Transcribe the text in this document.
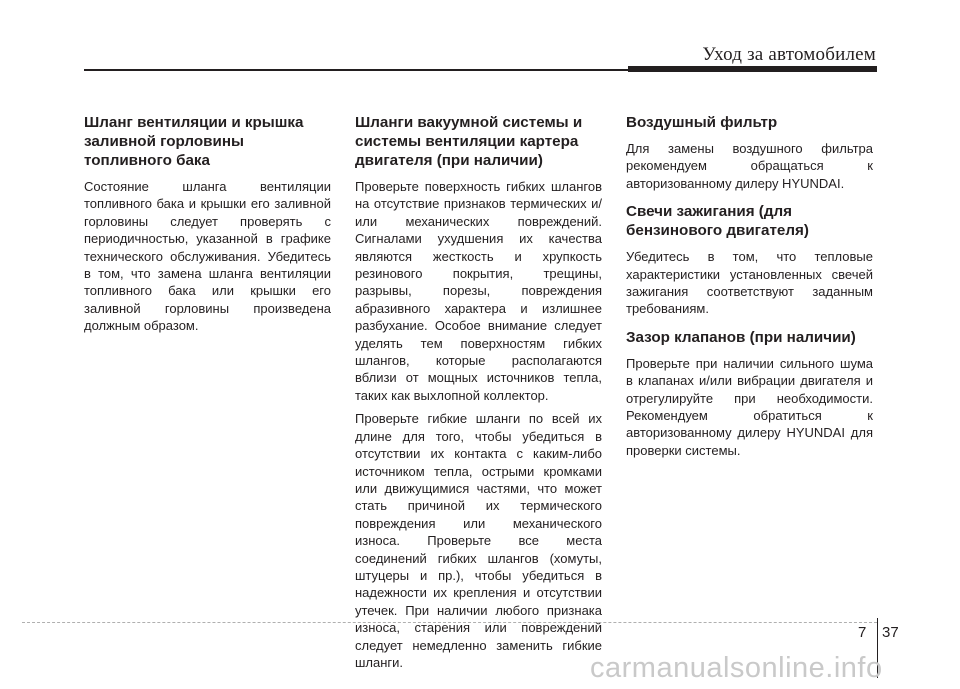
Уход за автомобилем
Шланг вентиляции и крышка заливной горловины топливного бака

Состояние шланга вентиляции топливного бака и крышки его заливной горловины следует проверять с периодичностью, указанной в графике технического обслуживания. Убедитесь в том, что замена шланга вентиляции топливного бака или крышки его заливной горловины произведена должным образом.

Шланги вакуумной системы и системы вентиляции картера двигателя (при наличии)

Проверьте поверхность гибких шлангов на отсутствие признаков термических и/или механических повреждений. Сигналами ухудшения их качества являются жесткость и хрупкость резинового покрытия, трещины, разрывы, порезы, повреждения абразивного характера и излишнее разбухание. Особое внимание следует уделять тем поверхностям гибких шлангов, которые располагаются вблизи от мощных источников тепла, таких как выхлопной коллектор.

Проверьте гибкие шланги по всей их длине для того, чтобы убедиться в отсутствии их контакта с каким-либо источником тепла, острыми кромками или движущимися частями, что может стать причиной их термического повреждения или механического износа. Проверьте все места соединений гибких шлангов (хомуты, штуцеры и пр.), чтобы убедиться в надежности их крепления и отсутствии утечек. При наличии любого признака износа, старения или повреждений следует немедленно заменить гибкие шланги.

Воздушный фильтр

Для замены воздушного фильтра рекомендуем обращаться к авторизованному дилеру HYUNDAI.

Свечи зажигания (для бензинового двигателя)

Убедитесь в том, что тепловые характеристики установленных свечей зажигания соответствуют заданным требованиям.

Зазор клапанов (при наличии)

Проверьте при наличии сильного шума в клапанах и/или вибрации двигателя и отрегулируйте при необходимости. Рекомендуем обратиться к авторизованному дилеру HYUNDAI для проверки системы.

7 37
carmanualsonline.info
